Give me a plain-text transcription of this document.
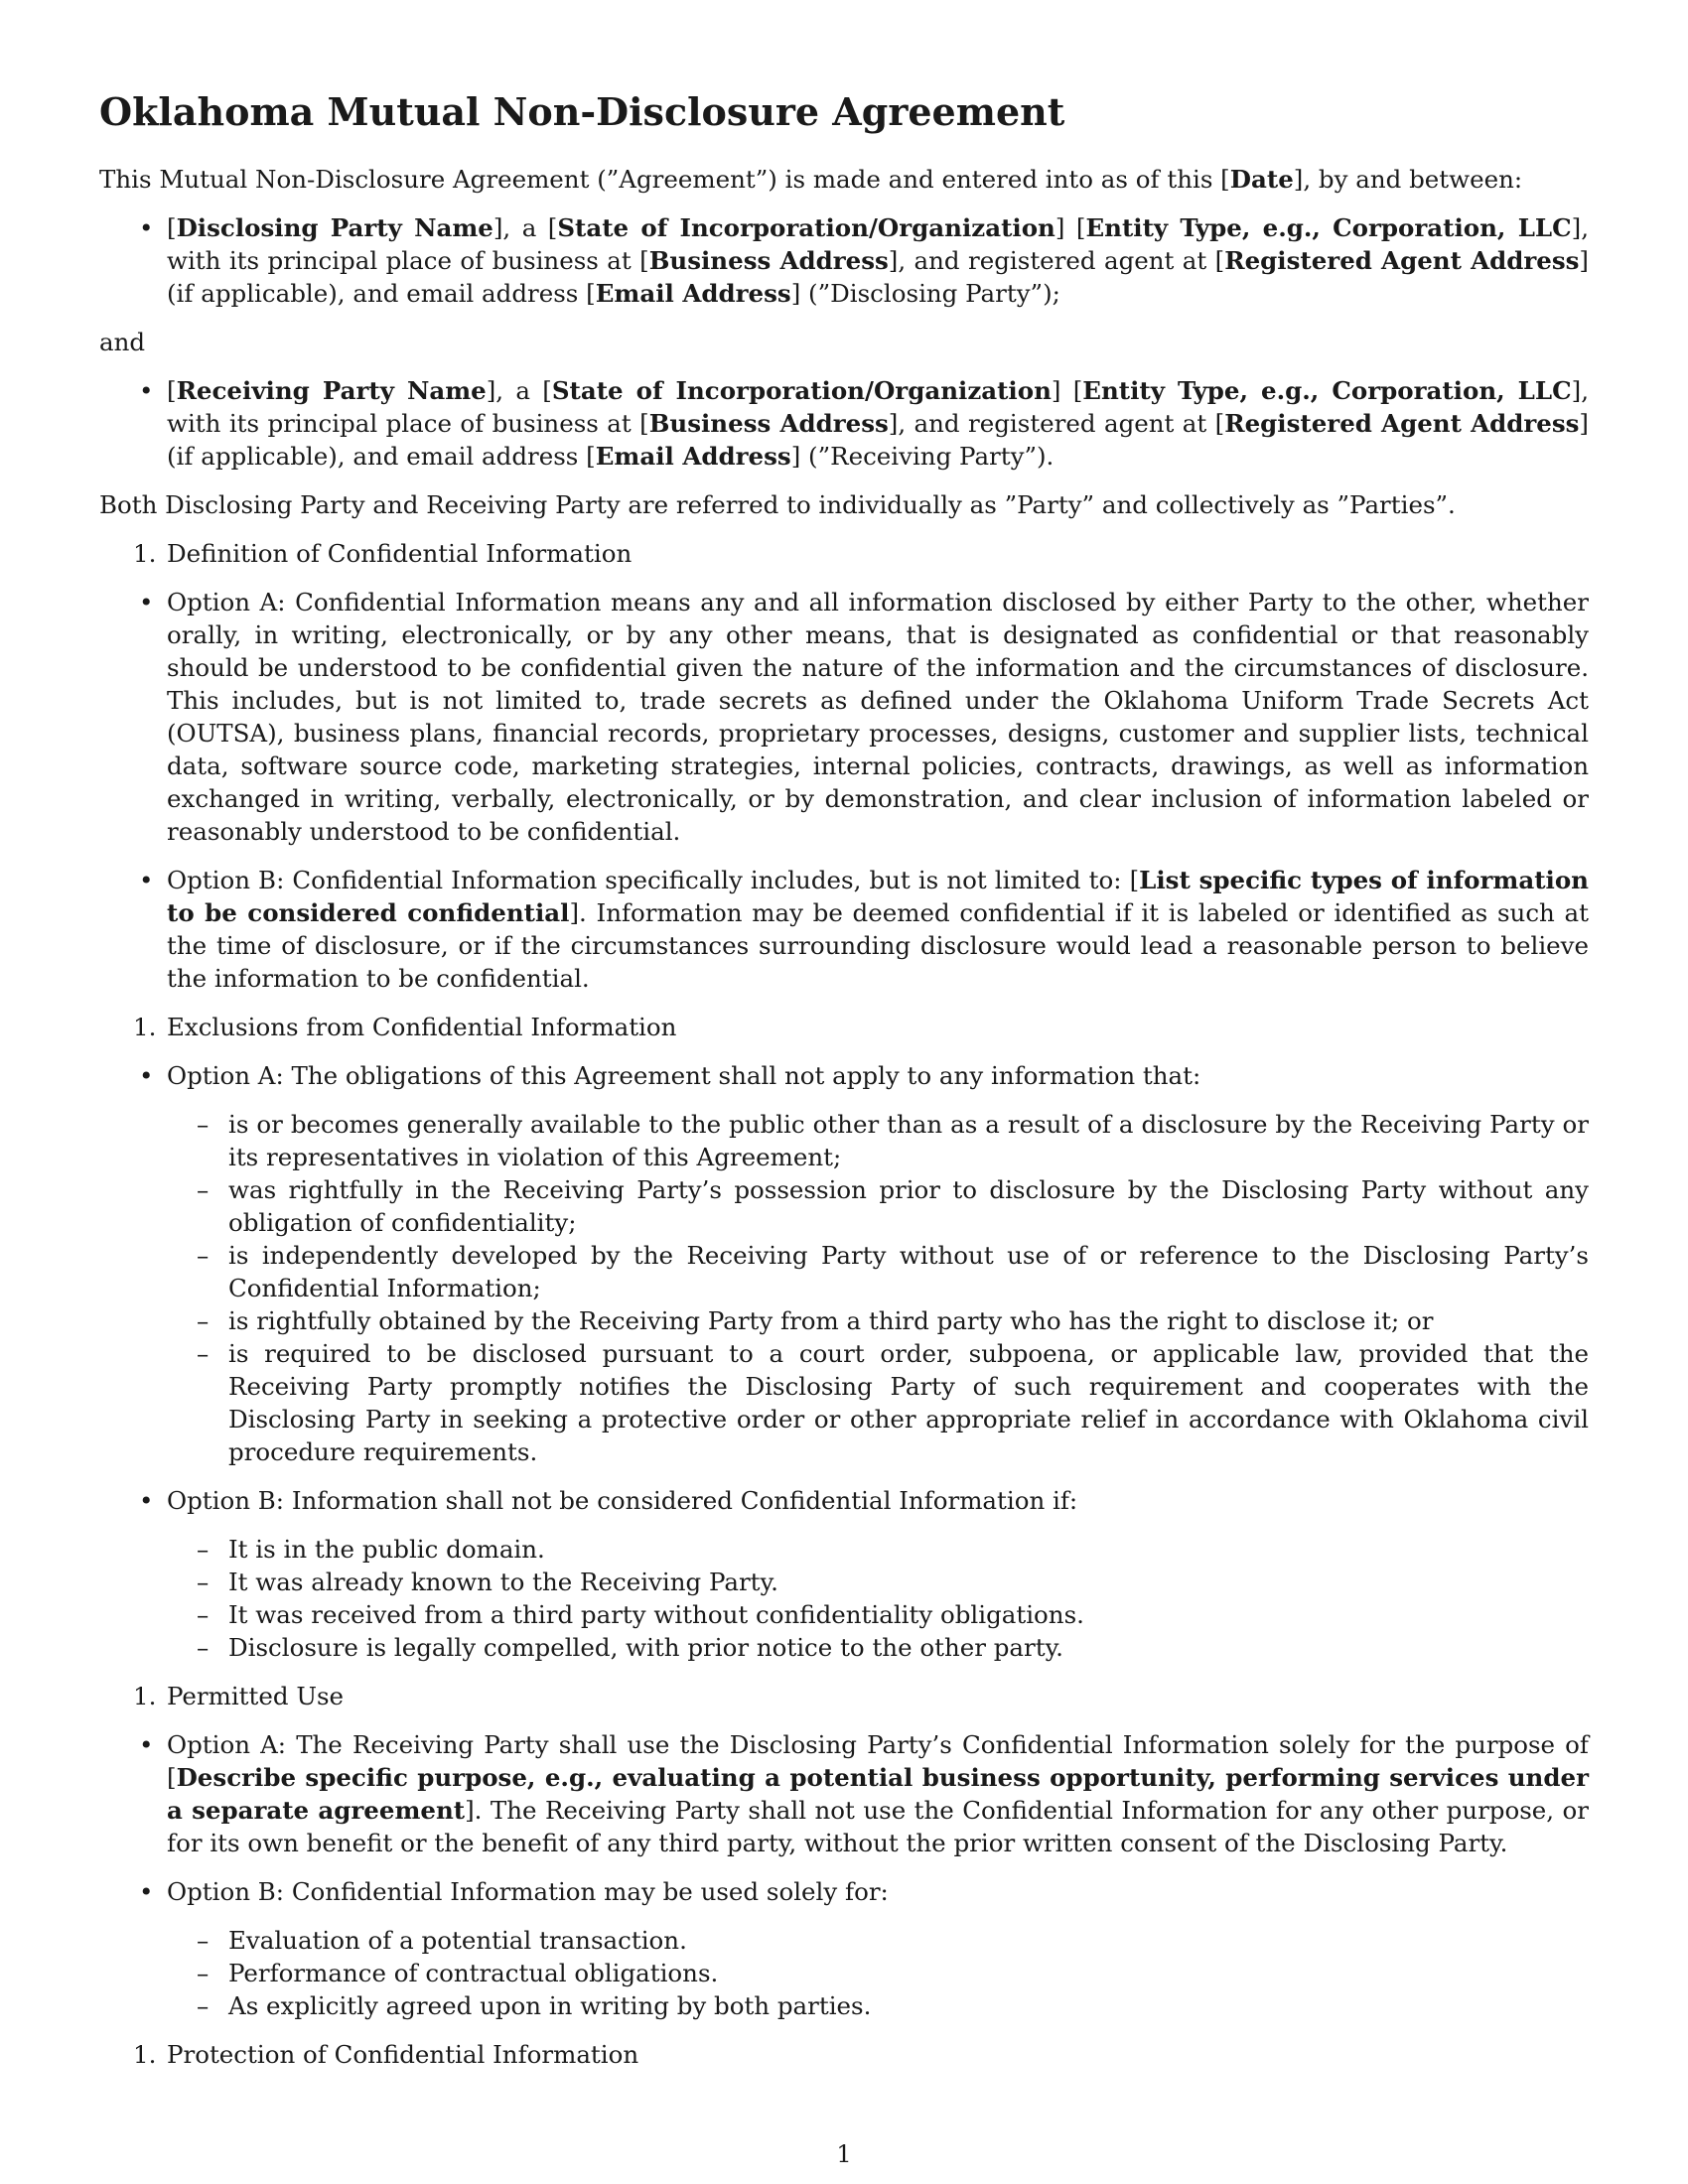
Oklahoma Mutual Non-Disclosure Agreement

This Mutual Non-Disclosure Agreement (”Agreement”) is made and entered into as of this [Date], by and between:

• [Disclosing Party Name], a [State of Incorporation/Organization] [Entity Type, e.g., Corporation, LLC], with its principal place of business at [Business Address], and registered agent at [Registered Agent Address] (if applicable), and email address [Email Address] (”Disclosing Party”);

and

• [Receiving Party Name], a [State of Incorporation/Organization] [Entity Type, e.g., Corporation, LLC], with its principal place of business at [Business Address], and registered agent at [Registered Agent Address] (if applicable), and email address [Email Address] (”Receiving Party”).

Both Disclosing Party and Receiving Party are referred to individually as ”Party” and collectively as ”Parties”.

1. Definition of Confidential Information
• Option A: Confidential Information means any and all information disclosed by either Party to the other, whether orally, in writing, electronically, or by any other means, that is designated as confidential or that reasonably should be understood to be confidential given the nature of the information and the circumstances of disclosure. This includes, but is not limited to, trade secrets as defined under the Oklahoma Uniform Trade Secrets Act (OUTSA), business plans, financial records, proprietary processes, designs, customer and supplier lists, technical data, software source code, marketing strategies, internal policies, contracts, drawings, as well as information exchanged in writing, verbally, electronically, or by demonstration, and clear inclusion of information labeled or reasonably understood to be confidential.
• Option B: Confidential Information specifically includes, but is not limited to: [List specific types of information to be considered confidential]. Information may be deemed confidential if it is labeled or identified as such at the time of disclosure, or if the circumstances surrounding disclosure would lead a reasonable person to believe the information to be confidential.
1. Exclusions from Confidential Information
• Option A: The obligations of this Agreement shall not apply to any information that:
– is or becomes generally available to the public other than as a result of a disclosure by the Receiving Party or its representatives in violation of this Agreement;
– was rightfully in the Receiving Party’s possession prior to disclosure by the Disclosing Party without any obligation of confidentiality;
– is independently developed by the Receiving Party without use of or reference to the Disclosing Party’s Confidential Information;
– is rightfully obtained by the Receiving Party from a third party who has the right to disclose it; or
– is required to be disclosed pursuant to a court order, subpoena, or applicable law, provided that the Receiving Party promptly notifies the Disclosing Party of such requirement and cooperates with the Disclosing Party in seeking a protective order or other appropriate relief in accordance with Oklahoma civil procedure requirements.
• Option B: Information shall not be considered Confidential Information if:
– It is in the public domain.
– It was already known to the Receiving Party.
– It was received from a third party without confidentiality obligations.
– Disclosure is legally compelled, with prior notice to the other party.
1. Permitted Use
• Option A: The Receiving Party shall use the Disclosing Party’s Confidential Information solely for the purpose of [Describe specific purpose, e.g., evaluating a potential business opportunity, performing services under a separate agreement]. The Receiving Party shall not use the Confidential Information for any other purpose, or for its own benefit or the benefit of any third party, without the prior written consent of the Disclosing Party.
• Option B: Confidential Information may be used solely for:
– Evaluation of a potential transaction.
– Performance of contractual obligations.
– As explicitly agreed upon in writing by both parties.
1. Protection of Confidential Information
1
